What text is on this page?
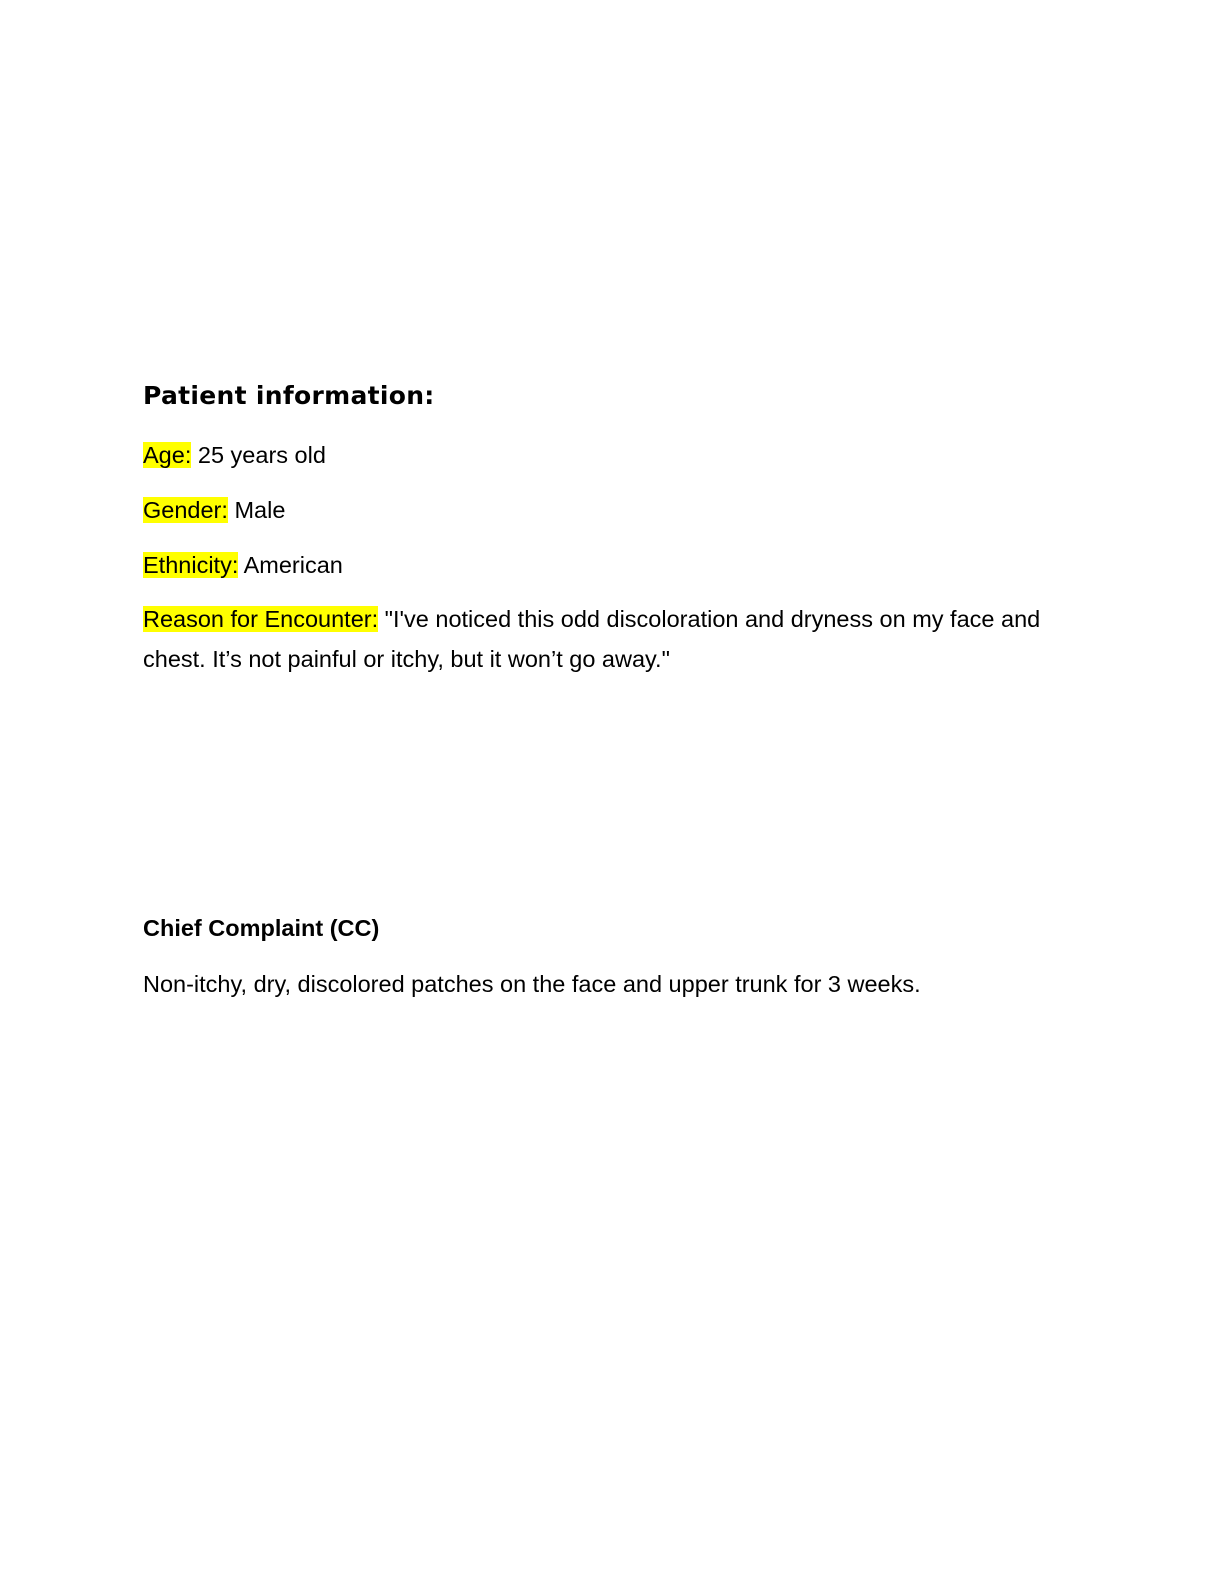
Patient information:
Age: 25 years old
Gender: Male
Ethnicity: American
Reason for Encounter: "I've noticed this odd discoloration and dryness on my face and chest. It’s not painful or itchy, but it won’t go away."
Chief Complaint (CC)
Non-itchy, dry, discolored patches on the face and upper trunk for 3 weeks.
